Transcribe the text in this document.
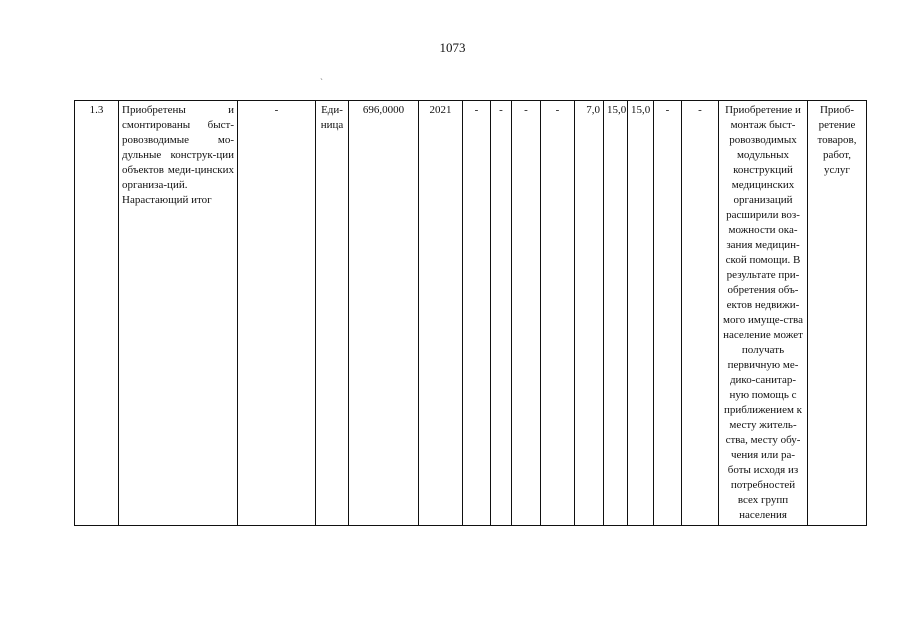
1073
ˎ
1.3	Приобретены и смонтированы быст-ровозводимые мо-дульные конструк-ции объектов меди-цинских организа-ций. Нарастающий итог	-	Еди-ница	696,0000	2021	-	-	-	-	7,0	15,0	15,0	-	-	Приобретение и монтаж быст-ровозводимых модульных конструкций медицинских организаций расширили воз-можности ока-зания медицин-ской помощи. В результате при-обретения объ-ектов недвижи-мого имуще-ства население может получать первичную ме-дико-санитар-ную помощь с приближением к месту житель-ства, месту обу-чения или ра-боты исходя из потребностей всех групп населения	Приоб-ретение товаров, работ, услуг
